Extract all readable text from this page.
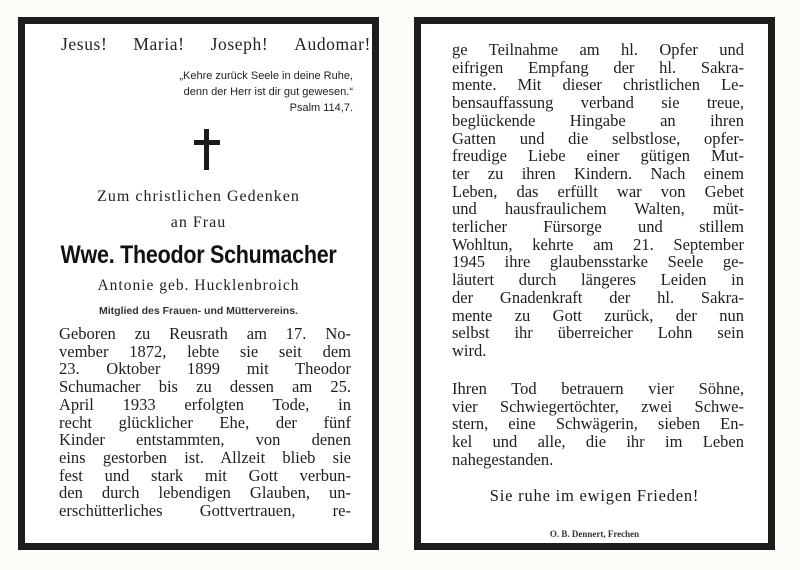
Jesus! Maria! Joseph! Audomar!
„Kehre zurück Seele in deine Ruhe,
denn der Herr ist dir gut gewesen.“
Psalm 114,7.
Zum christlichen Gedenken
an Frau
Wwe. Theodor Schumacher
Antonie geb. Hucklenbroich
Mitglied des Frauen- und Müttervereins.
Geboren zu Reusrath am 17. No-
vember 1872, lebte sie seit dem
23. Oktober 1899 mit Theodor
Schumacher bis zu dessen am 25.
April 1933 erfolgten Tode, in
recht glücklicher Ehe, der fünf
Kinder entstammten, von denen
eins gestorben ist. Allzeit blieb sie
fest und stark mit Gott verbun-
den durch lebendigen Glauben, un-
erschütterliches Gottvertrauen, re-
ge Teilnahme am hl. Opfer und
eifrigen Empfang der hl. Sakra-
mente. Mit dieser christlichen Le-
bensauffassung verband sie treue,
beglückende Hingabe an ihren
Gatten und die selbstlose, opfer-
freudige Liebe einer gütigen Mut-
ter zu ihren Kindern. Nach einem
Leben, das erfüllt war von Gebet
und hausfraulichem Walten, müt-
terlicher Fürsorge und stillem
Wohltun, kehrte am 21. September
1945 ihre glaubensstarke Seele ge-
läutert durch längeres Leiden in
der Gnadenkraft der hl. Sakra-
mente zu Gott zurück, der nun
selbst ihr überreicher Lohn sein
wird.
Ihren Tod betrauern vier Söhne,
vier Schwiegertöchter, zwei Schwe-
stern, eine Schwägerin, sieben En-
kel und alle, die ihr im Leben
nahegestanden.
Sie ruhe im ewigen Frieden!
O. B. Dennert, Frechen
